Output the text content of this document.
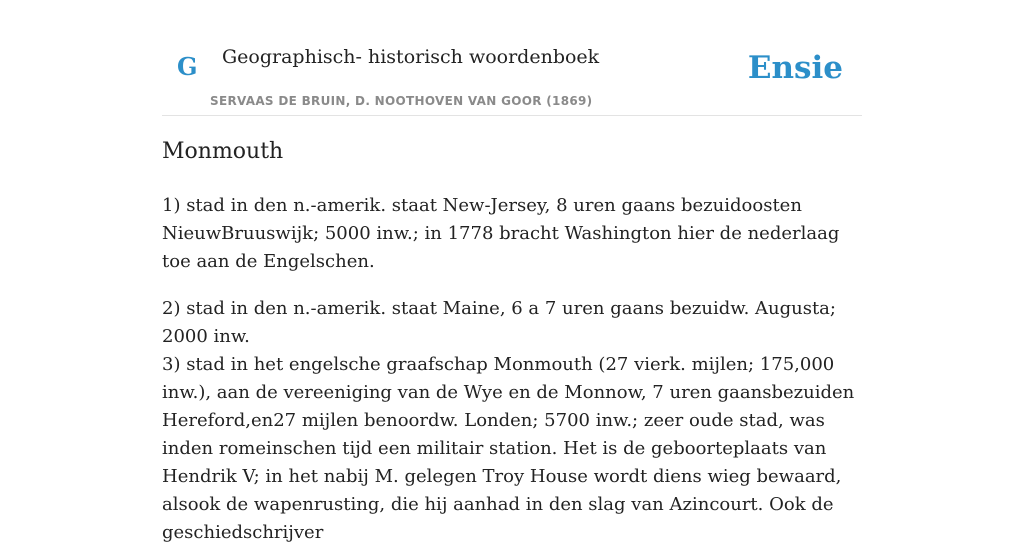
G Geographisch- historisch woordenboek
SERVAAS DE BRUIN, D. NOOTHOVEN VAN GOOR (1869)
Ensie
Monmouth

1) stad in den n.-amerik. staat New-Jersey, 8 uren gaans bezuidoosten NieuwBruuswijk; 5000 inw.; in 1778 bracht Washington hier de nederlaag toe aan de Engelschen.

2) stad in den n.-amerik. staat Maine, 6 a 7 uren gaans bezuidw. Augusta; 2000 inw.

3) stad in het engelsche graafschap Monmouth (27 vierk. mijlen; 175,000 inw.), aan de vereeniging van de Wye en de Monnow, 7 uren gaansbezuiden Hereford,en27 mijlen benoordw. Londen; 5700 inw.; zeer oude stad, was inden romeinschen tijd een militair station. Het is de geboorteplaats van Hendrik V; in het nabij M. gelegen Troy House wordt diens wieg bewaard, alsook de wapenrusting, die hij aanhad in den slag van Azincourt. Ook de geschiedschrijver
